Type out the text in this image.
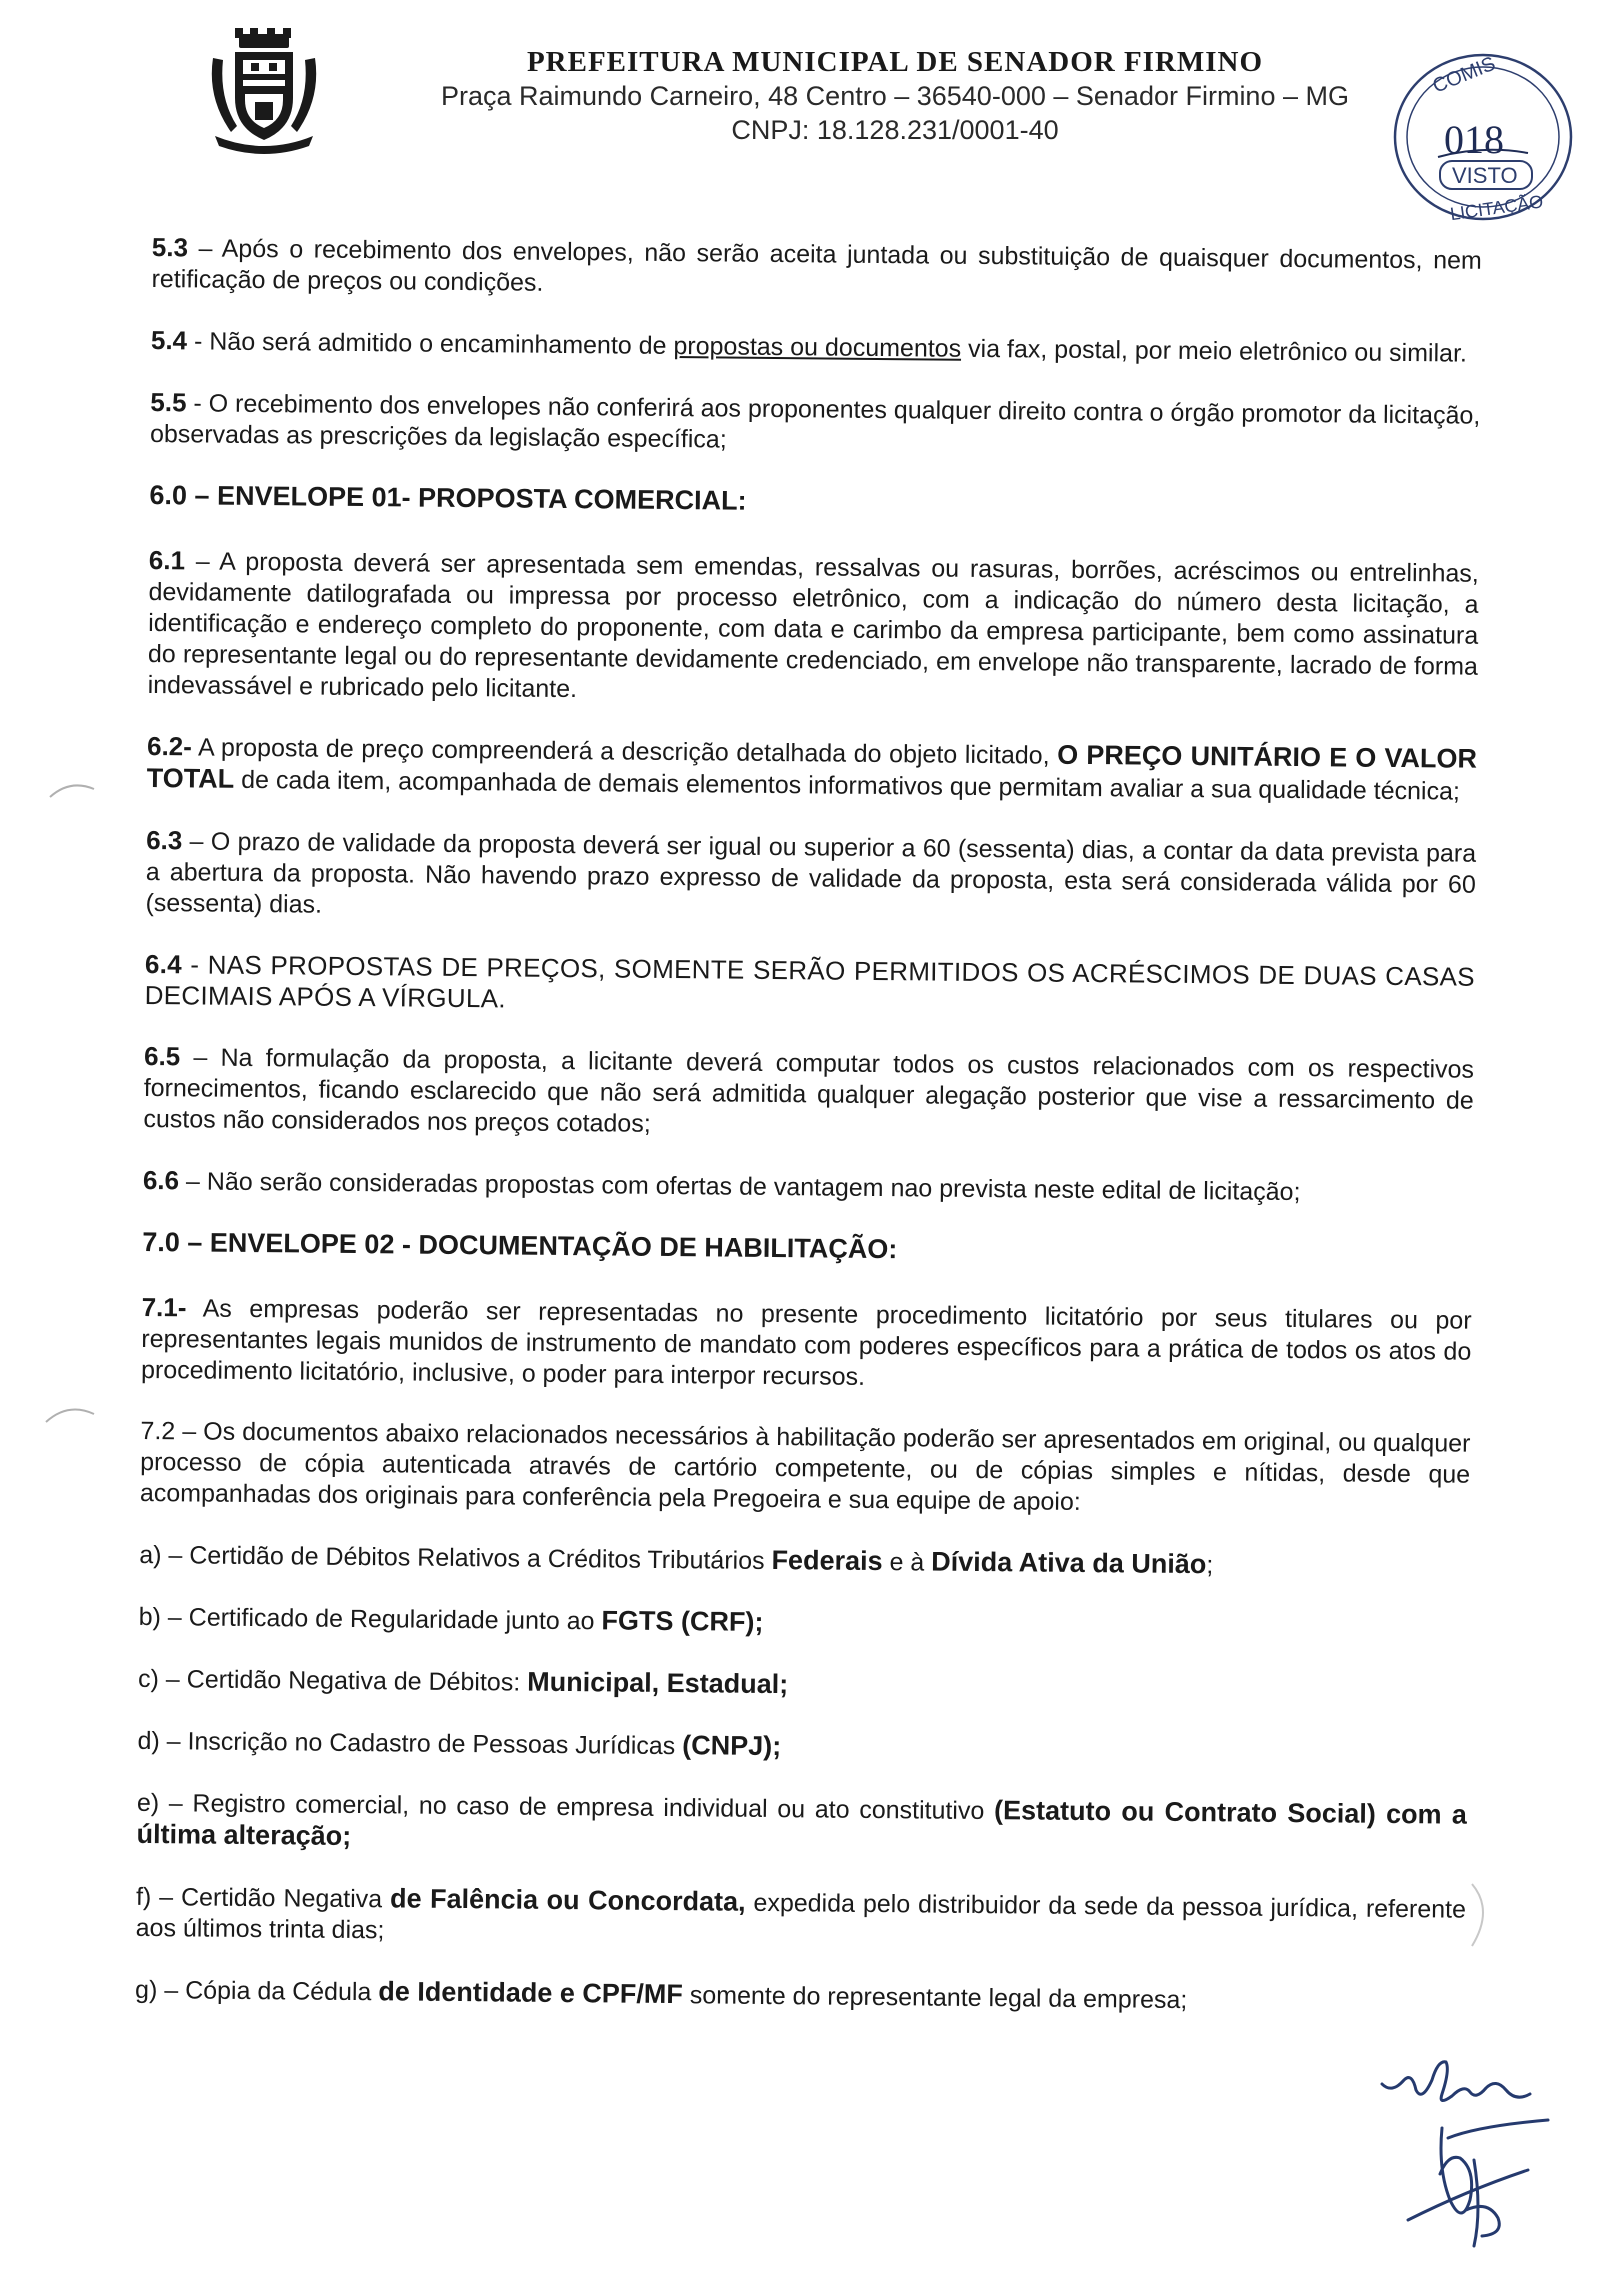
PREFEITURA MUNICIPAL DE SENADOR FIRMINO
Praça Raimundo Carneiro, 48 Centro – 36540-000 – Senador Firmino – MG
CNPJ: 18.128.231/0001-40
COMIS
018
VISTO
LICITAÇÃO

5.3 – Após o recebimento dos envelopes, não serão aceita juntada ou substituição de quaisquer documentos, nem retificação de preços ou condições.

5.4 - Não será admitido o encaminhamento de propostas ou documentos via fax, postal, por meio eletrônico ou similar.

5.5 - O recebimento dos envelopes não conferirá aos proponentes qualquer direito contra o órgão promotor da licitação, observadas as prescrições da legislação específica;

6.0 – ENVELOPE 01- PROPOSTA COMERCIAL:

6.1 – A proposta deverá ser apresentada sem emendas, ressalvas ou rasuras, borrões, acréscimos ou entrelinhas, devidamente datilografada ou impressa por processo eletrônico, com a indicação do número desta licitação, a identificação e endereço completo do proponente, com data e carimbo da empresa participante, bem como assinatura do representante legal ou do representante devidamente credenciado, em envelope não transparente, lacrado de forma indevassável e rubricado pelo licitante.

6.2- A proposta de preço compreenderá a descrição detalhada do objeto licitado, O PREÇO UNITÁRIO E O VALOR TOTAL de cada item, acompanhada de demais elementos informativos que permitam avaliar a sua qualidade técnica;

6.3 – O prazo de validade da proposta deverá ser igual ou superior a 60 (sessenta) dias, a contar da data prevista para a abertura da proposta. Não havendo prazo expresso de validade da proposta, esta será considerada válida por 60 (sessenta) dias.

6.4 - NAS PROPOSTAS DE PREÇOS, SOMENTE SERÃO PERMITIDOS OS ACRÉSCIMOS DE DUAS CASAS DECIMAIS APÓS A VÍRGULA.

6.5 – Na formulação da proposta, a licitante deverá computar todos os custos relacionados com os respectivos fornecimentos, ficando esclarecido que não será admitida qualquer alegação posterior que vise a ressarcimento de custos não considerados nos preços cotados;

6.6 – Não serão consideradas propostas com ofertas de vantagem nao prevista neste edital de licitação;

7.0 – ENVELOPE 02 - DOCUMENTAÇÃO DE HABILITAÇÃO:

7.1- As empresas poderão ser representadas no presente procedimento licitatório por seus titulares ou por representantes legais munidos de instrumento de mandato com poderes específicos para a prática de todos os atos do procedimento licitatório, inclusive, o poder para interpor recursos.

7.2 – Os documentos abaixo relacionados necessários à habilitação poderão ser apresentados em original, ou qualquer processo de cópia autenticada através de cartório competente, ou de cópias simples e nítidas, desde que acompanhadas dos originais para conferência pela Pregoeira e sua equipe de apoio:

a) – Certidão de Débitos Relativos a Créditos Tributários Federais e à Dívida Ativa da União;

b) – Certificado de Regularidade junto ao FGTS (CRF);

c) – Certidão Negativa de Débitos: Municipal, Estadual;

d) – Inscrição no Cadastro de Pessoas Jurídicas (CNPJ);

e) – Registro comercial, no caso de empresa individual ou ato constitutivo (Estatuto ou Contrato Social) com a última alteração;

f) – Certidão Negativa de Falência ou Concordata, expedida pelo distribuidor da sede da pessoa jurídica, referente aos últimos trinta dias;

g) – Cópia da Cédula de Identidade e CPF/MF somente do representante legal da empresa;
